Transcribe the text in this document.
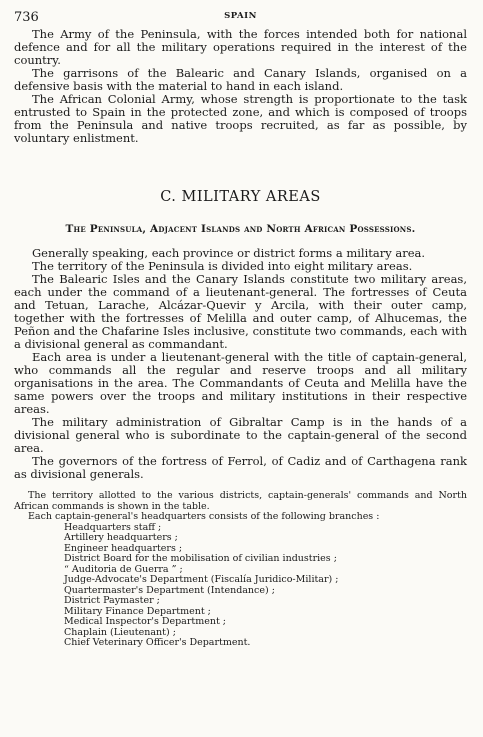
736	SPAIN

The Army of the Peninsula, with the forces intended both for national defence and for all the military operations required in the interest of the country.

The garrisons of the Balearic and Canary Islands, organised on a defensive basis with the material to hand in each island.

The African Colonial Army, whose strength is proportionate to the task entrusted to Spain in the protected zone, and which is composed of troops from the Peninsula and native troops recruited, as far as possible, by voluntary enlistment.

C. MILITARY AREAS
The Peninsula, Adjacent Islands and North African Possessions.

Generally speaking, each province or district forms a military area.

The territory of the Peninsula is divided into eight military areas.

The Balearic Isles and the Canary Islands constitute two military areas, each under the command of a lieutenant-general. The fortresses of Ceuta and Tetuan, Larache, Alcázar-Quevir y Arcila, with their outer camp, together with the fortresses of Melilla and outer camp, of Alhucemas, the Peñon and the Chafarine Isles inclusive, constitute two commands, each with a divisional general as commandant.

Each area is under a lieutenant-general with the title of captain-general, who commands all the regular and reserve troops and all military organisations in the area. The Commandants of Ceuta and Melilla have the same powers over the troops and military institutions in their respective areas.

The military administration of Gibraltar Camp is in the hands of a divisional general who is subordinate to the captain-general of the second area.

The governors of the fortress of Ferrol, of Cadiz and of Carthagena rank as divisional generals.

The territory allotted to the various districts, captain-generals' commands and North African commands is shown in the table.

Each captain-general's headquarters consists of the following branches :

Headquarters staff ;
Artillery headquarters ;
Engineer headquarters ;
District Board for the mobilisation of civilian industries ;
“ Auditoria de Guerra ” ;
Judge-Advocate's Department (Fiscalía Juridico-Militar) ;
Quartermaster's Department (Intendance) ;
District Paymaster ;
Military Finance Department ;
Medical Inspector's Department ;
Chaplain (Lieutenant) ;
Chief Veterinary Officer's Department.
